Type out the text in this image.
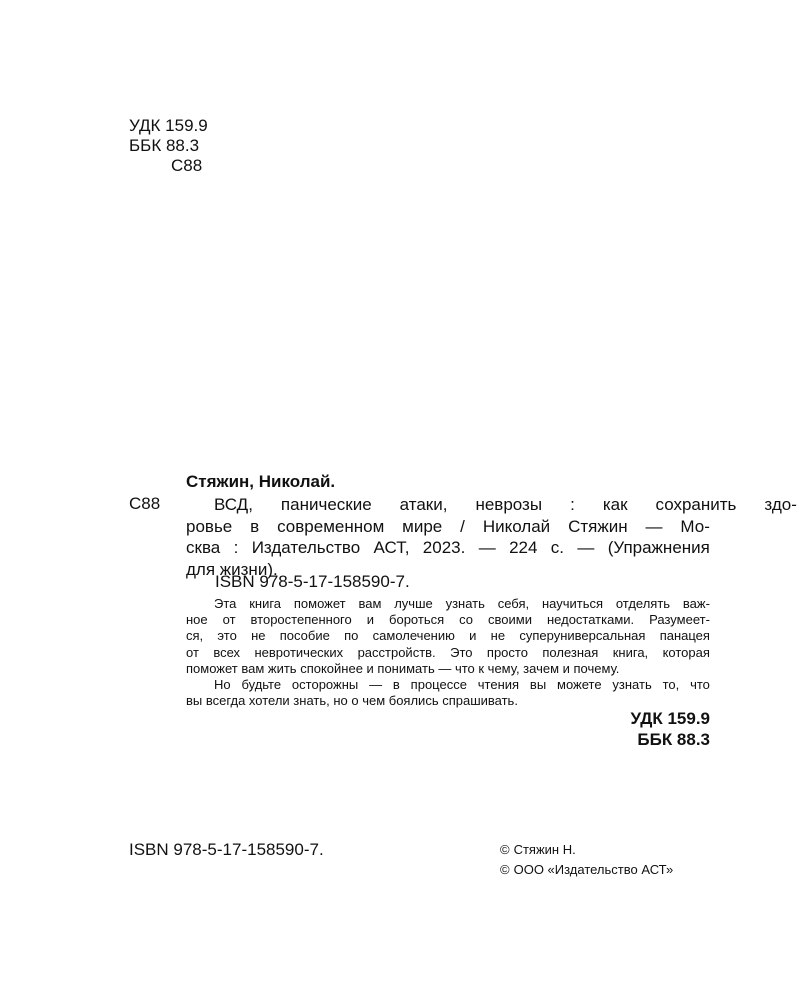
УДК 159.9
ББК 88.3
С88
Стяжин, Николай.
С88	ВСД,	панические	атаки,	неврозы	:	как	сохранить	здо-
ровье в современном мире / Николай Стяжин — Мо-
сква : Издательство АСТ, 2023. — 224 с. — (Упражнения
для жизни).
ISBN 978-5-17-158590-7.
Эта книга поможет вам лучше узнать себя, научиться отделять важ-
ное от второстепенного и бороться со своими недостатками. Разумеет-
ся, это не пособие по самолечению и не суперуниверсальная панацея
от всех невротических расстройств. Это просто полезная книга, которая
поможет вам жить спокойнее и понимать — что к чему, зачем и почему.
Но будьте осторожны — в процессе чтения вы можете узнать то, что
вы всегда хотели знать, но о чем боялись спрашивать.
УДК 159.9
ББК 88.3
ISBN 978-5-17-158590-7.	© Стяжин Н.
© ООО «Издательство АСТ»
